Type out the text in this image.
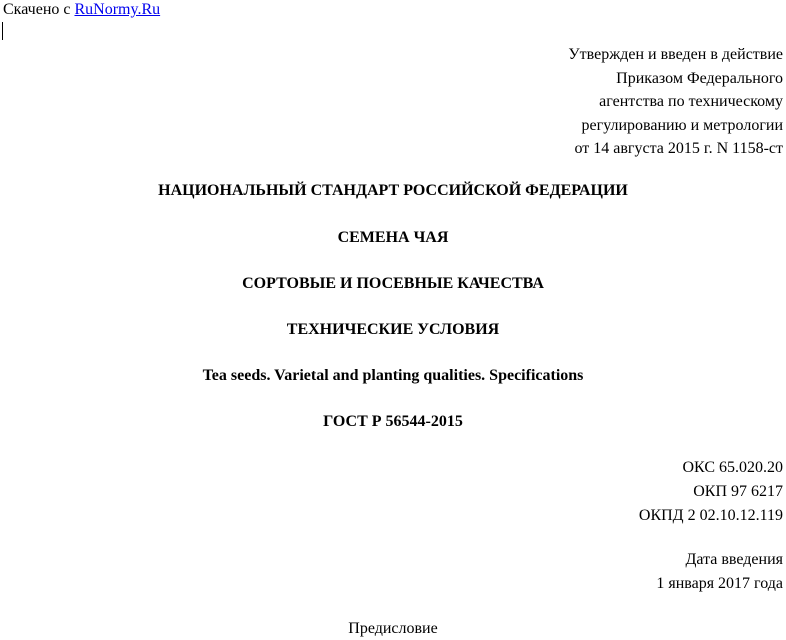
Скачено с RuNormy.Ru
Утвержден и введен в действие
Приказом Федерального
агентства по техническому
регулированию и метрологии
от 14 августа 2015 г. N 1158-ст
НАЦИОНАЛЬНЫЙ СТАНДАРТ РОССИЙСКОЙ ФЕДЕРАЦИИ
СЕМЕНА ЧАЯ
СОРТОВЫЕ И ПОСЕВНЫЕ КАЧЕСТВА
ТЕХНИЧЕСКИЕ УСЛОВИЯ
Tea seeds. Varietal and planting qualities. Specifications
ГОСТ Р 56544-2015
ОКС 65.020.20
ОКП 97 6217
ОКПД 2 02.10.12.119
Дата введения
1 января 2017 года
Предисловие
